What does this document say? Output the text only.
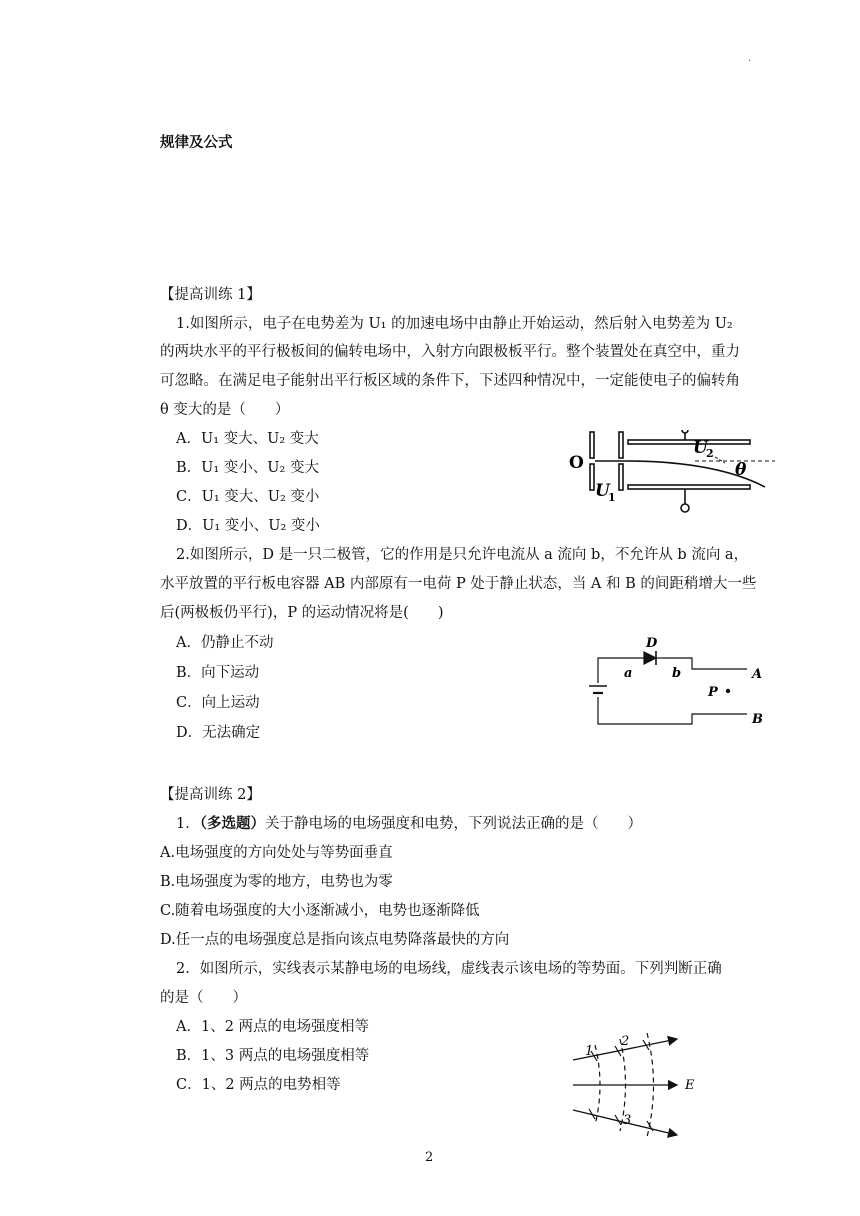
·
规律及公式
【提高训练 1】
1.如图所示，电子在电势差为 U₁ 的加速电场中由静止开始运动，然后射入电势差为 U₂
的两块水平的平行极板间的偏转电场中，入射方向跟极板平行。整个装置处在真空中，重力
可忽略。在满足电子能射出平行板区域的条件下，下述四种情况中，一定能使电子的偏转角
θ 变大的是（　　）
A．U₁ 变大、U₂ 变大
B．U₁ 变小、U₂ 变大
C．U₁ 变大、U₂ 变小
D．U₁ 变小、U₂ 变小
U
2
O	θ
U
1
2.如图所示，D 是一只二极管，它的作用是只允许电流从 a 流向 b，不允许从 b 流向 a，
水平放置的平行板电容器 AB 内部原有一电荷 P 处于静止状态，当 A 和 B 的间距稍增大一些
后(两极板仍平行)，P 的运动情况将是(　　)
A．仍静止不动
B．向下运动
C．向上运动
D．无法确定
D
a	b	A
P
B
【提高训练 2】
1．（多选题）关于静电场的电场强度和电势，下列说法正确的是（　　）
A.电场强度的方向处处与等势面垂直
B.电场强度为零的地方，电势也为零
C.随着电场强度的大小逐渐减小，电势也逐渐降低
D.任一点的电场强度总是指向该点电势降落最快的方向
2．如图所示，实线表示某静电场的电场线，虚线表示该电场的等势面。下列判断正确
的是（　　）
A．1、2 两点的电场强度相等
B．1、3 两点的电场强度相等
C．1、2 两点的电势相等
1
2
3
E
2
